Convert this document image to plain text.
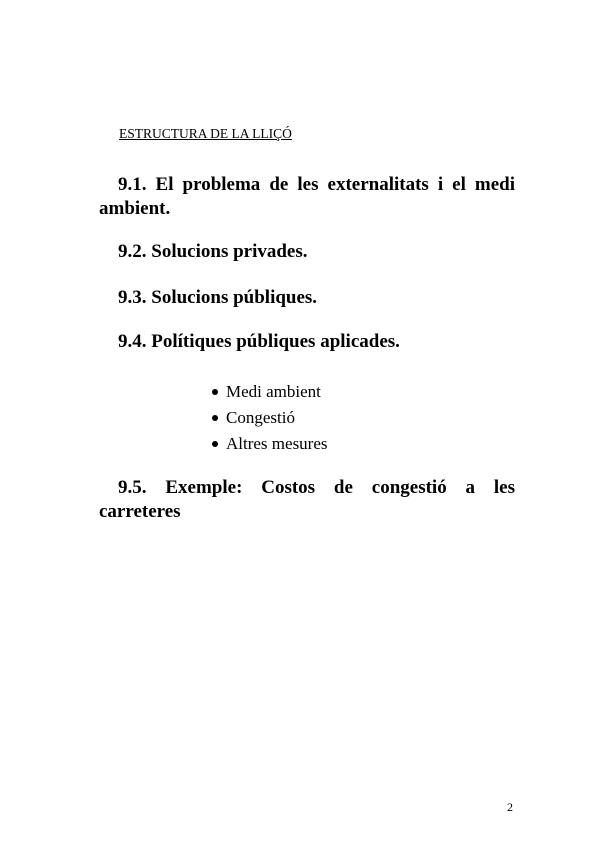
ESTRUCTURA DE LA LLIÇÓ
9.1. El problema de les externalitats i el medi ambient.
9.2. Solucions privades.
9.3. Solucions públiques.
9.4. Polítiques públiques aplicades.
Medi ambient
Congestió
Altres mesures
9.5. Exemple: Costos de congestió a les carreteres
2
